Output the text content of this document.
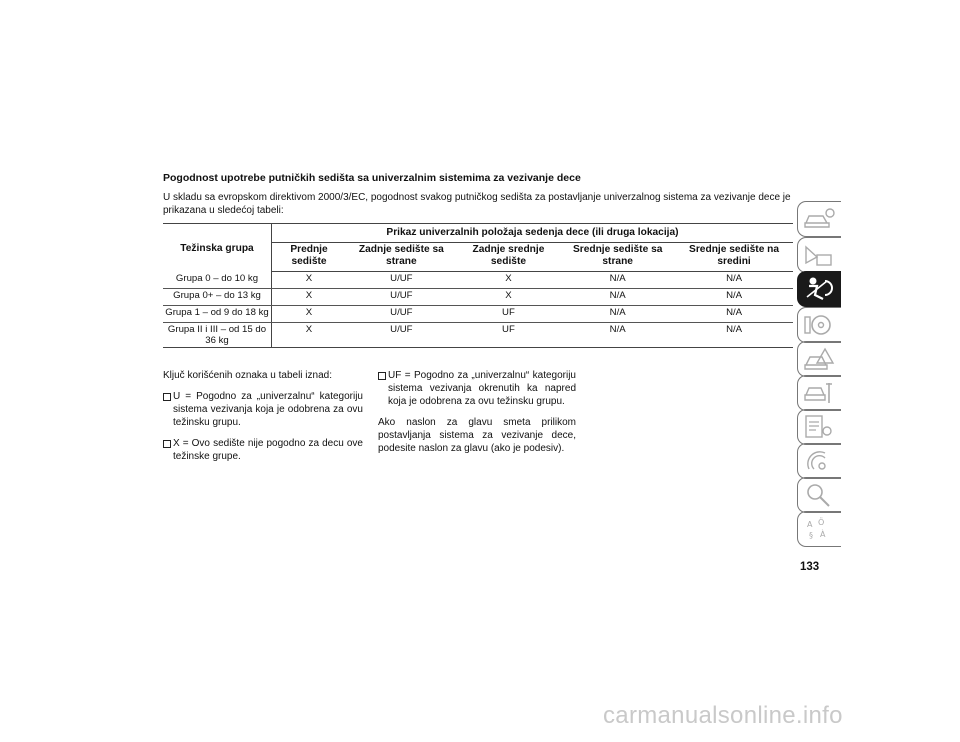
Pogodnost upotrebe putničkih sedišta sa univerzalnim sistemima za vezivanje dece
U skladu sa evropskom direktivom 2000/3/EC, pogodnost svakog putničkog sedišta za postavljanje univerzalnog sistema za vezivanje dece je prikazana u sledećoj tabeli:
Težinska grupa	Prikaz univerzalnih položaja sedenja dece (ili druga lokacija)				
	Prednje sedište	Zadnje sedište sa strane	Zadnje srednje sedište	Srednje sedište sa strane	Srednje sedište na sredini
Grupa 0 – do 10 kg	X	U/UF	X	N/A	N/A
Grupa 0+ – do 13 kg	X	U/UF	X	N/A	N/A
Grupa 1 – od 9 do 18 kg	X	U/UF	UF	N/A	N/A
Grupa II i III – od 15 do 36 kg	X	U/UF	UF	N/A	N/A

Ključ korišćenih oznaka u tabeli iznad:

U = Pogodno za „univerzalnu“ kategoriju sistema vezivanja koja je odobrena za ovu težinsku grupu.
X = Ovo sedište nije pogodno za decu ove težinske grupe.
UF = Pogodno za „univerzalnu“ kategoriju sistema vezivanja okrenutih ka napred koja je odobrena za ovu težinsku grupu.

Ako naslon za glavu smeta prilikom postavljanja sistema za vezivanje dece, podesite naslon za glavu (ako je podesiv).

A Ö
§ À
133
carmanualsonline.info
